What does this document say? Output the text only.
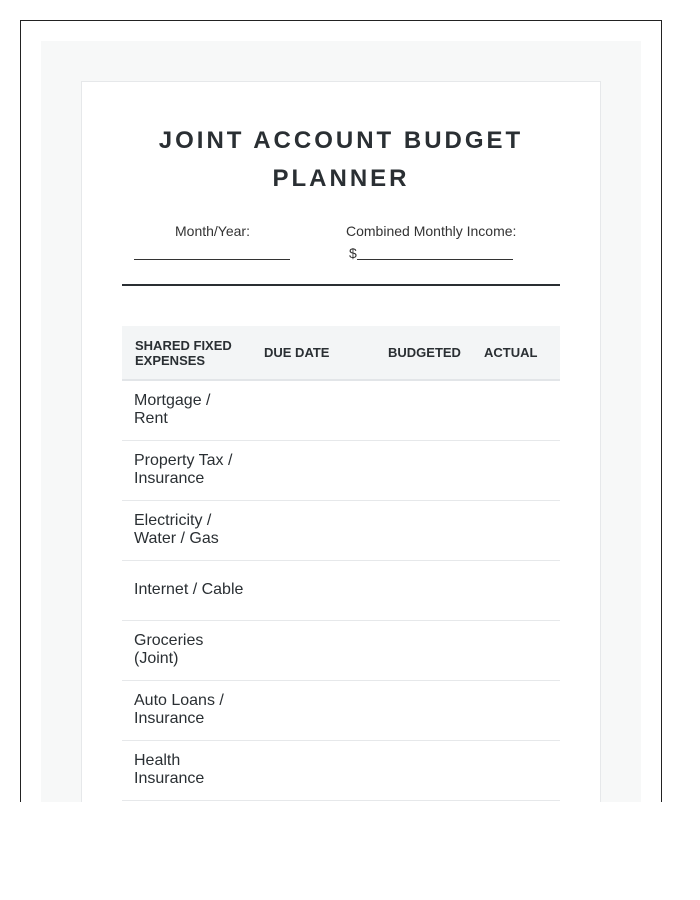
JOINT ACCOUNT BUDGET
PLANNER
Month/Year:	Combined Monthly Income:
$
SHARED FIXED EXPENSES	DUE DATE	BUDGETED	ACTUAL

Mortgage / Rent			

Property Tax / Insurance			

Electricity / Water / Gas			

Internet / Cable			

Groceries (Joint)			

Auto Loans / Insurance			

Health Insurance			
